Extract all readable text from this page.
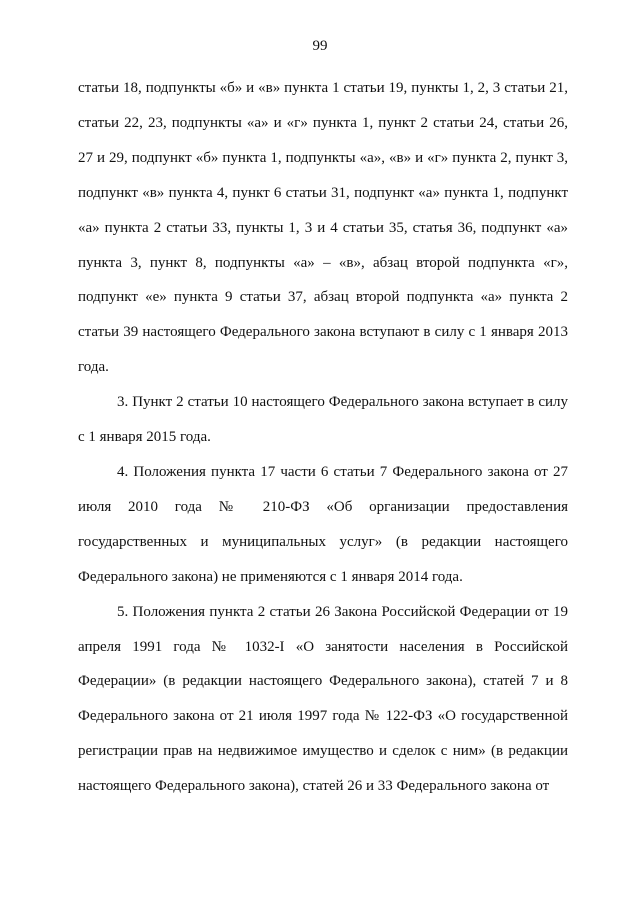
99

статьи 18, подпункты «б» и «в» пункта 1 статьи 19, пункты 1, 2, 3 статьи 21, статьи 22, 23, подпункты «а» и «г» пункта 1, пункт 2 статьи 24, статьи 26, 27 и 29, подпункт «б» пункта 1, подпункты «а», «в» и «г» пункта 2, пункт 3, подпункт «в» пункта 4, пункт 6 статьи 31, подпункт «а» пункта 1, подпункт «а» пункта 2 статьи 33, пункты 1, 3 и 4 статьи 35, статья 36, подпункт «а» пункта 3, пункт 8, подпункты «а» – «в», абзац второй подпункта «г», подпункт «е» пункта 9 статьи 37, абзац второй подпункта «а» пункта 2 статьи 39 настоящего Федерального закона вступают в силу с 1 января 2013 года.

3. Пункт 2 статьи 10 настоящего Федерального закона вступает в силу с 1 января 2015 года.

4. Положения пункта 17 части 6 статьи 7 Федерального закона от 27 июля 2010 года № 210-ФЗ «Об организации предоставления государственных и муниципальных услуг» (в редакции настоящего Федерального закона) не применяются с 1 января 2014 года.

5. Положения пункта 2 статьи 26 Закона Российской Федерации от 19 апреля 1991 года № 1032-I «О занятости населения в Российской Федерации» (в редакции настоящего Федерального закона), статей 7 и 8 Федерального закона от 21 июля 1997 года № 122-ФЗ «О государственной регистрации прав на недвижимое имущество и сделок с ним» (в редакции настоящего Федерального закона), статей 26 и 33 Федерального закона от
